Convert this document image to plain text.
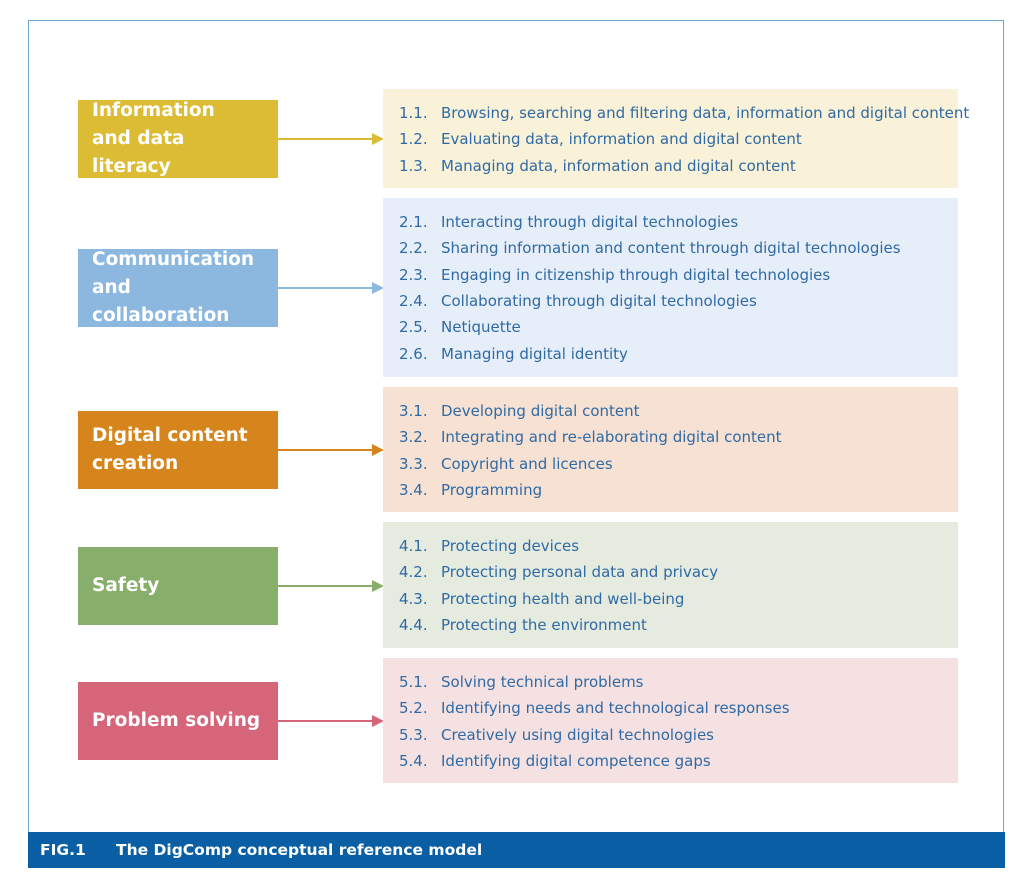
Information
and data literacy
1.1. Browsing, searching and filtering data, information and digital content
1.2. Evaluating data, information and digital content
1.3. Managing data, information and digital content
Communication
and collaboration
2.1. Interacting through digital technologies
2.2. Sharing information and content through digital technologies
2.3. Engaging in citizenship through digital technologies
2.4. Collaborating through digital technologies
2.5. Netiquette
2.6. Managing digital identity
Digital content
creation
3.1. Developing digital content
3.2. Integrating and re-elaborating digital content
3.3. Copyright and licences
3.4. Programming
Safety
4.1. Protecting devices
4.2. Protecting personal data and privacy
4.3. Protecting health and well-being
4.4. Protecting the environment
Problem solving
5.1. Solving technical problems
5.2. Identifying needs and technological responses
5.3. Creatively using digital technologies
5.4. Identifying digital competence gaps
FIG.1	The DigComp conceptual reference model
